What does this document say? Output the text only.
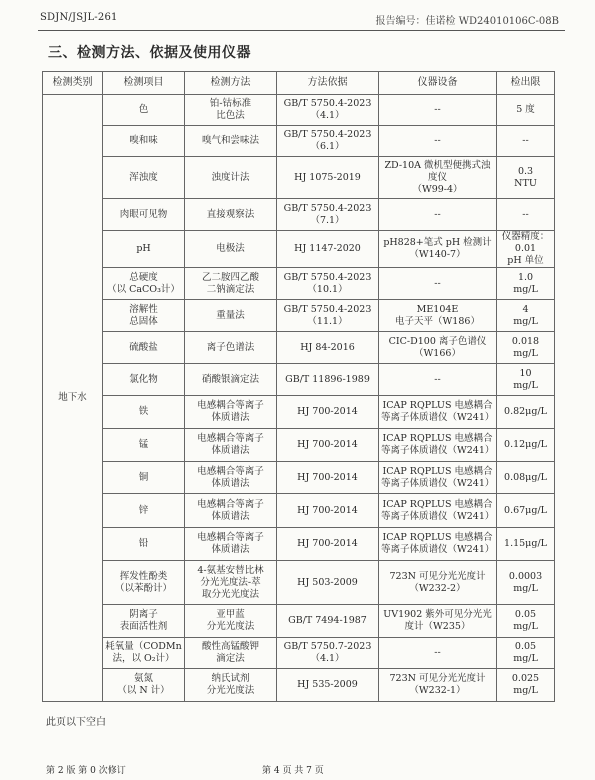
SDJN/JSJL-261	报告编号：佳诺检 WD24010106C-08B
三、检测方法、依据及使用仪器
检测类别	检测项目	检测方法	方法依据	仪器设备	检出限
地下水	色	铂-钴标准
比色法	GB/T 5750.4-2023
（4.1）	--	5 度
	嗅和味	嗅气和尝味法	GB/T 5750.4-2023
（6.1）	--	--
	浑浊度	浊度计法	HJ 1075-2019	ZD-10A 微机型便携式浊
度仪
（W99-4）	0.3
NTU
	肉眼可见物	直接观察法	GB/T 5750.4-2023
（7.1）	--	--
	pH	电极法	HJ 1147-2020	pH828+笔式 pH 检测计
（W140-7）	仪器精度：
0.01
pH 单位
	总硬度
（以 CaCO₃计）	乙二胺四乙酸
二钠滴定法	GB/T 5750.4-2023
（10.1）	--	1.0
mg/L
	溶解性
总固体	重量法	GB/T 5750.4-2023
（11.1）	ME104E
电子天平（W186）	4
mg/L
	硫酸盐	离子色谱法	HJ 84-2016	CIC-D100 离子色谱仪
（W166）	0.018
mg/L
	氯化物	硝酸银滴定法	GB/T 11896-1989	--	10
mg/L
	铁	电感耦合等离子
体质谱法	HJ 700-2014	ICAP RQPLUS 电感耦合
等离子体质谱仪（W241）	0.82μg/L
	锰	电感耦合等离子
体质谱法	HJ 700-2014	ICAP RQPLUS 电感耦合
等离子体质谱仪（W241）	0.12μg/L
	铜	电感耦合等离子
体质谱法	HJ 700-2014	ICAP RQPLUS 电感耦合
等离子体质谱仪（W241）	0.08μg/L
	锌	电感耦合等离子
体质谱法	HJ 700-2014	ICAP RQPLUS 电感耦合
等离子体质谱仪（W241）	0.67μg/L
	铅	电感耦合等离子
体质谱法	HJ 700-2014	ICAP RQPLUS 电感耦合
等离子体质谱仪（W241）	1.15μg/L
	挥发性酚类
（以苯酚计）	4-氨基安替比林
分光光度法-萃
取分光光度法	HJ 503-2009	723N 可见分光光度计
（W232-2）	0.0003
mg/L
	阴离子
表面活性剂	亚甲蓝
分光光度法	GB/T 7494-1987	UV1902 紫外可见分光光
度计（W235）	0.05
mg/L
	耗氧量（CODMn
法，以 O₂计）	酸性高锰酸钾
滴定法	GB/T 5750.7-2023
（4.1）	--	0.05
mg/L
	氨氮
（以 N 计）	纳氏试剂
分光光度法	HJ 535-2009	723N 可见分光光度计
（W232-1）	0.025
mg/L
此页以下空白
第 2 版 第 0 次修订	第 4 页 共 7 页
